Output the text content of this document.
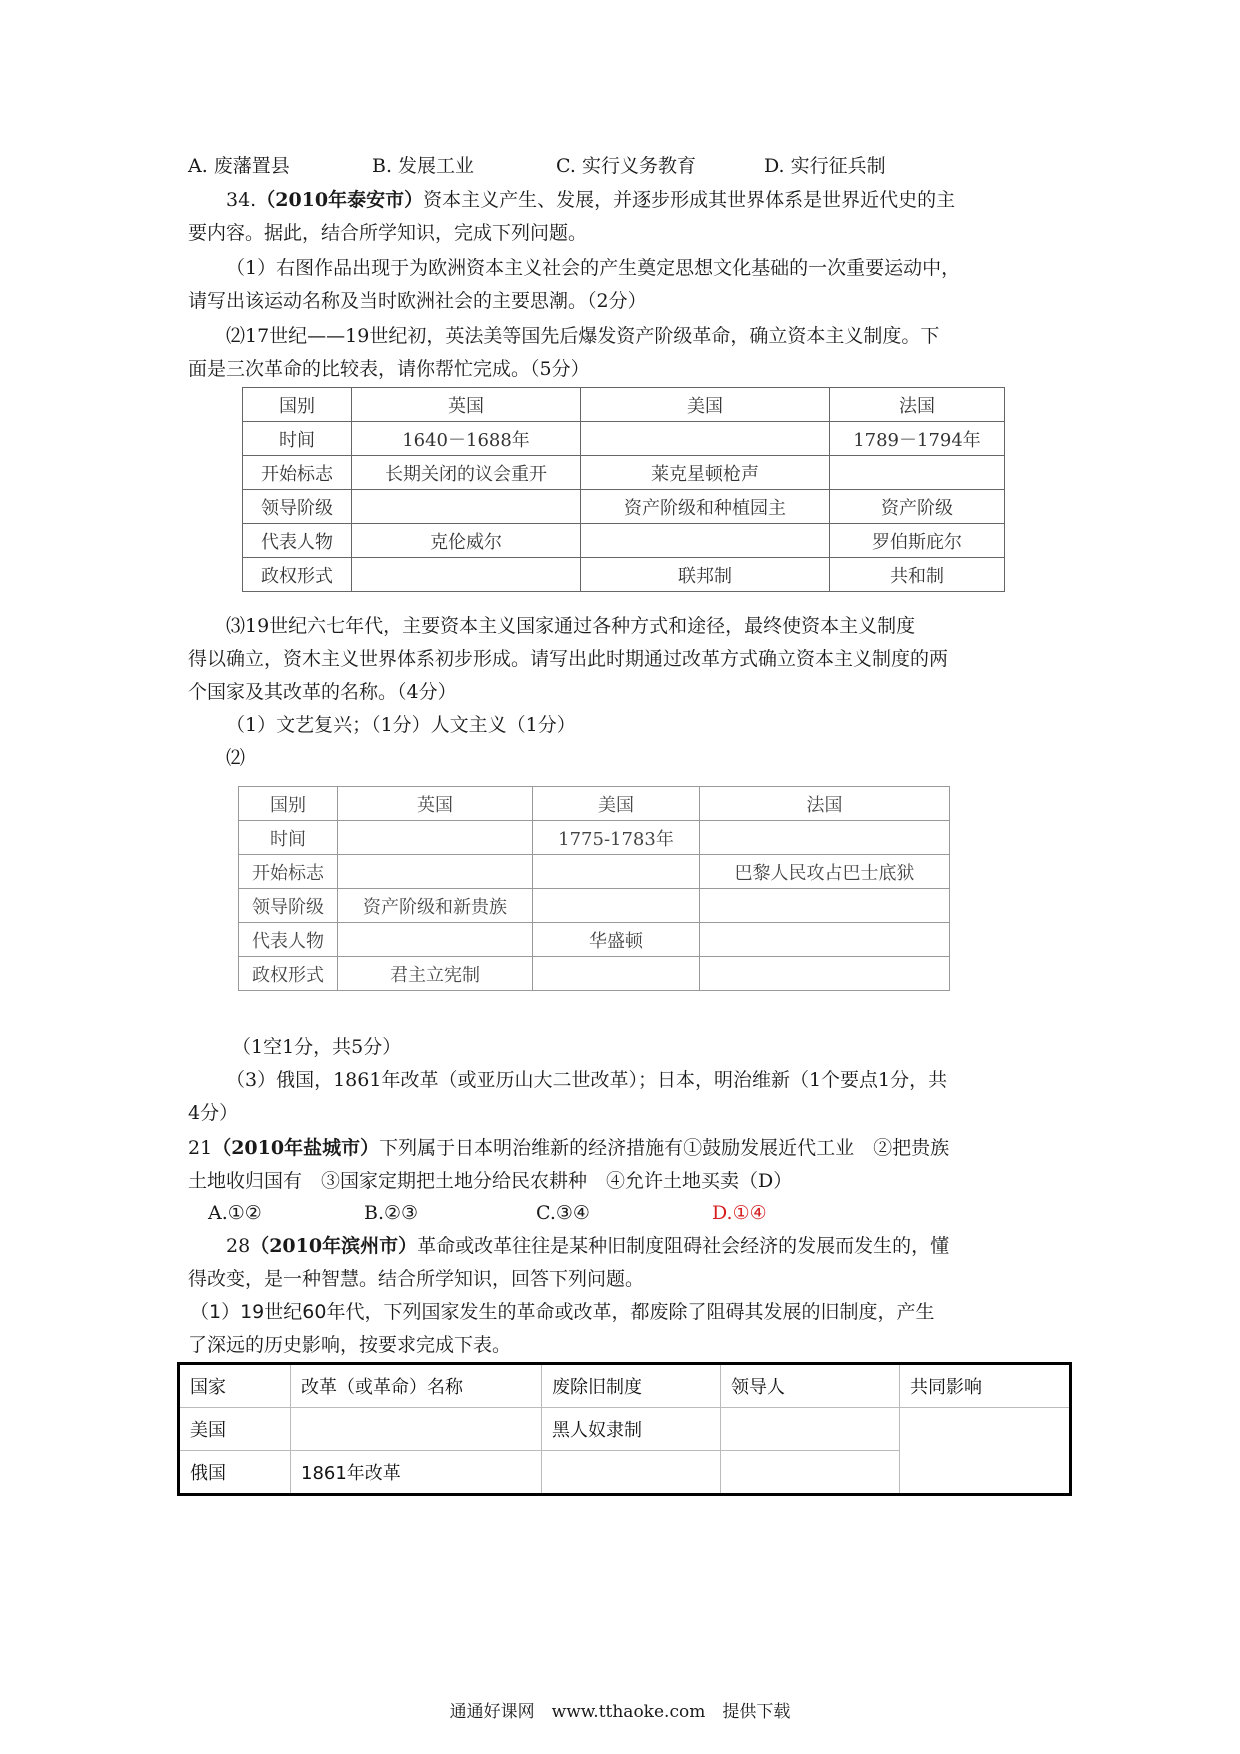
A. 废藩置县	B. 发展工业	C. 实行义务教育	D. 实行征兵制
34.（2010年泰安市）资本主义产生、发展，并逐步形成其世界体系是世界近代史的主
要内容。据此，结合所学知识，完成下列问题。
（1）右图作品出现于为欧洲资本主义社会的产生奠定思想文化基础的一次重要运动中，
请写出该运动名称及当时欧洲社会的主要思潮。（2分）
⑵17世纪——19世纪初，英法美等国先后爆发资产阶级革命，确立资本主义制度。下
面是三次革命的比较表，请你帮忙完成。（5分）
国别	英国	美国	法国
时间	1640－1688年		1789－1794年
开始标志	长期关闭的议会重开	莱克星顿枪声	
领导阶级		资产阶级和种植园主	资产阶级
代表人物	克伦威尔		罗伯斯庇尔
政权形式		联邦制	共和制
⑶19世纪六七年代，主要资本主义国家通过各种方式和途径，最终使资本主义制度
得以确立，资木主义世界体系初步形成。请写出此时期通过改革方式确立资本主义制度的两
个国家及其改革的名称。（4分）
（1）文艺复兴；（1分）人文主义（1分）
⑵
国别	英国	美国	法国
时间		1775-1783年	
开始标志			巴黎人民攻占巴士底狱
领导阶级	资产阶级和新贵族		
代表人物		华盛顿	
政权形式	君主立宪制		
（1空1分，共5分）
（3）俄国，1861年改革（或亚历山大二世改革）；日本，明治维新（1个要点1分，共
4分）
21（2010年盐城市）下列属于日本明治维新的经济措施有①鼓励发展近代工业　②把贵族
土地收归国有　③国家定期把土地分给民农耕种　④允许土地买卖（D）
A.①②	B.②③	C.③④	D.①④
28（2010年滨州市）革命或改革往往是某种旧制度阻碍社会经济的发展而发生的，懂
得改变，是一种智慧。结合所学知识，回答下列问题。
（1）19世纪60年代，下列国家发生的革命或改革，都废除了阻碍其发展的旧制度，产生
了深远的历史影响，按要求完成下表。
国家	改革（或革命）名称	废除旧制度	领导人	共同影响
美国		黑人奴隶制		
俄国	1861年改革			
通通好课网　www.tthaoke.com　提供下载
